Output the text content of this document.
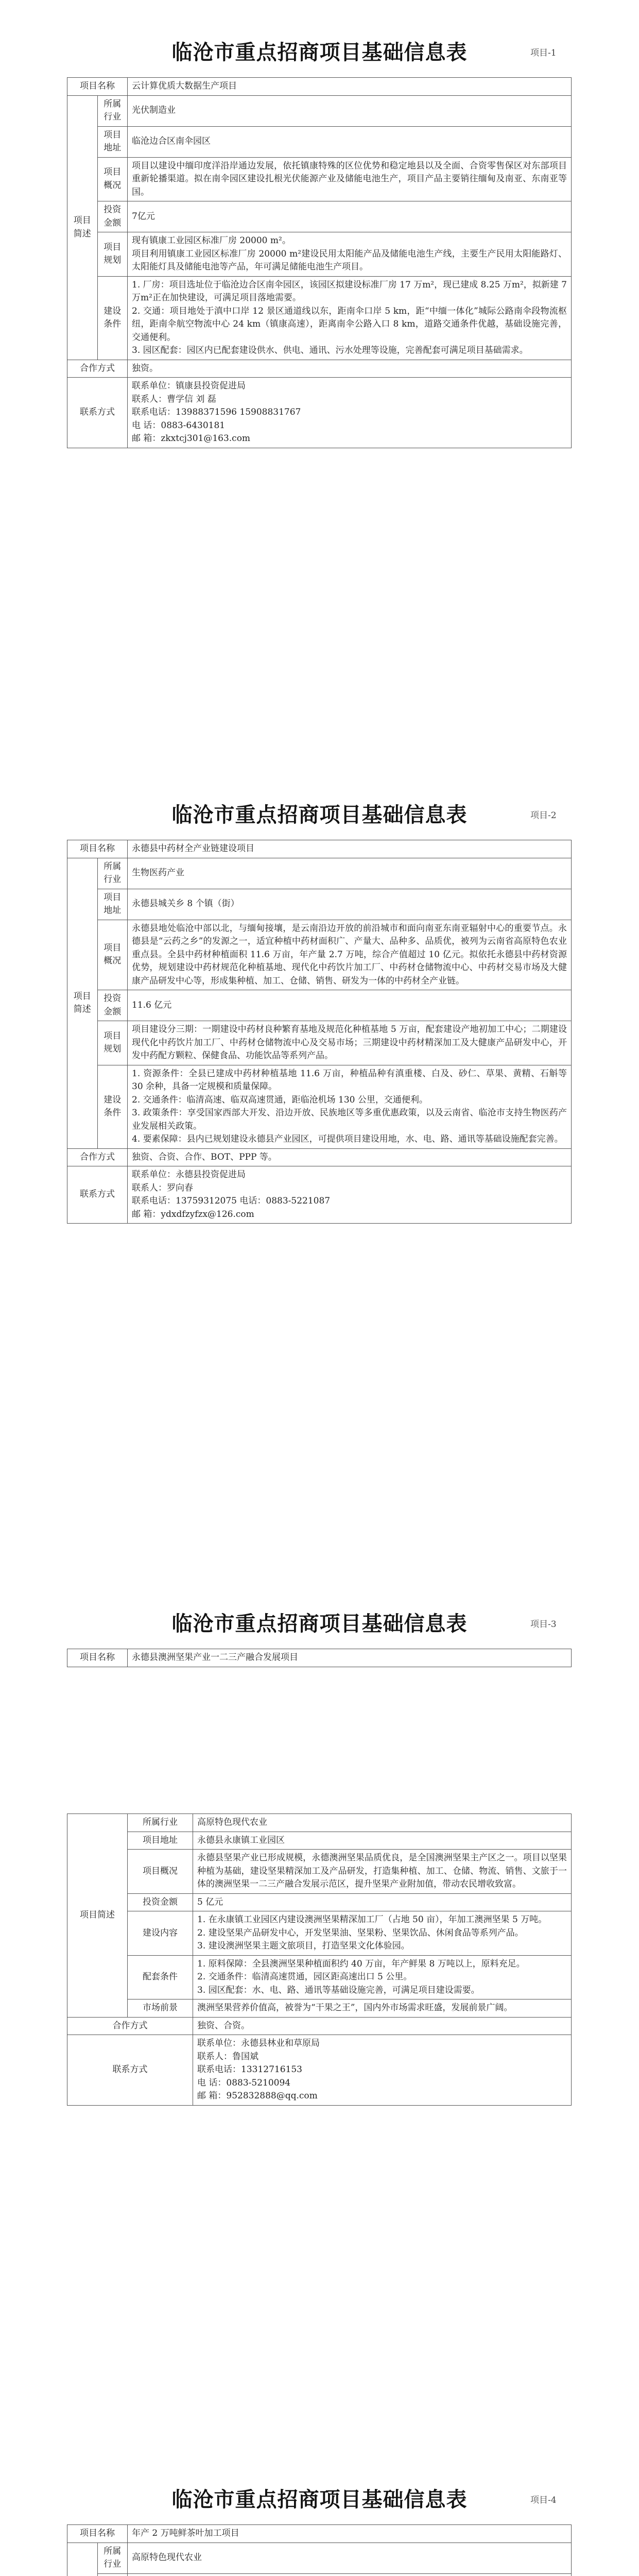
临沧市重点招商项目基础信息表	项目-1
项目名称		云计算优质大数据生产项目
项目简述	所属行业	光伏制造业
	项目地址	临沧边合区南伞园区
	项目概况	项目以建设中缅印度洋沿岸通边发展，依托镇康特殊的区位优势和稳定地县以及全面、合资零售保区对东部项目重新轮播渠道。拟在南伞园区建设扎根光伏能源产业及储能电池生产，项目产品主要销往缅甸及南亚、东南亚等国。
	投资金额	7亿元
	项目规划	现有镇康工业园区标准厂房 20000 m²。
项目利用镇康工业园区标准厂房 20000 m²建设民用太阳能产品及储能电池生产线，主要生产民用太阳能路灯、太阳能灯具及储能电池等产品，年可满足储能电池生产项目。
	建设条件	1. 厂房：项目选址位于临沧边合区南伞园区，该园区拟建设标准厂房 17 万m²，现已建成 8.25 万m²，拟新建 7 万m²正在加快建设，可满足项目落地需要。
2. 交通：项目地处于滇中口岸 12 景区通道线以东，距南伞口岸 5 km，距“中缅一体化”城际公路南伞段物流枢纽，距南伞航空物流中心 24 km（镇康高速），距离南伞公路入口 8 km，道路交通条件优越，基础设施完善，交通便利。
3. 园区配套：园区内已配套建设供水、供电、通讯、污水处理等设施，完善配套可满足项目基础需求。
合作方式		独资。
联系方式		联系单位：镇康县投资促进局
联系人：曹学信 刘 磊
联系电话：13988371596 15908831767
电 话：0883-6430181
邮 箱：zkxtcj301@163.com
临沧市重点招商项目基础信息表	项目-2
项目名称		永德县中药材全产业链建设项目
项目简述	所属行业	生物医药产业
	项目地址	永德县城关乡 8 个镇（街）
	项目概况	永德县地处临沧中部以北，与缅甸接壤，是云南沿边开放的前沿城市和面向南亚东南亚辐射中心的重要节点。永德县是“云药之乡”的发源之一，适宜种植中药材面积广、产量大、品种多、品质优，被列为云南省高原特色农业重点县。全县中药材种植面积 11.6 万亩，年产量 2.7 万吨，综合产值超过 10 亿元。拟依托永德县中药材资源优势，规划建设中药材规范化种植基地、现代化中药饮片加工厂、中药材仓储物流中心、中药材交易市场及大健康产品研发中心等，形成集种植、加工、仓储、销售、研发为一体的中药材全产业链。
	投资金额	11.6 亿元
	项目规划	项目建设分三期：一期建设中药材良种繁育基地及规范化种植基地 5 万亩，配套建设产地初加工中心；二期建设现代化中药饮片加工厂、中药材仓储物流中心及交易市场；三期建设中药材精深加工及大健康产品研发中心，开发中药配方颗粒、保健食品、功能饮品等系列产品。
	建设条件	1. 资源条件：全县已建成中药材种植基地 11.6 万亩，种植品种有滇重楼、白及、砂仁、草果、黄精、石斛等 30 余种，具备一定规模和质量保障。
2. 交通条件：临清高速、临双高速贯通，距临沧机场 130 公里，交通便利。
3. 政策条件：享受国家西部大开发、沿边开放、民族地区等多重优惠政策，以及云南省、临沧市支持生物医药产业发展相关政策。
4. 要素保障：县内已规划建设永德县产业园区，可提供项目建设用地，水、电、路、通讯等基础设施配套完善。
合作方式		独资、合资、合作、BOT、PPP 等。
联系方式		联系单位：永德县投资促进局
联系人：罗向春
联系电话：13759312075 电话：0883-5221087
邮 箱：ydxdfzyfzx@126.com
临沧市重点招商项目基础信息表	项目-3
项目名称	永德县澳洲坚果产业一二三产融合发展项目
项目简述	所属行业	高原特色现代农业
	项目地址	永德县永康镇工业园区
	项目概况	永德县坚果产业已形成规模，永德澳洲坚果品质优良，是全国澳洲坚果主产区之一。项目以坚果种植为基础，建设坚果精深加工及产品研发，打造集种植、加工、仓储、物流、销售、文旅于一体的澳洲坚果一二三产融合发展示范区，提升坚果产业附加值，带动农民增收致富。
	投资金额	5 亿元
	建设内容	1. 在永康镇工业园区内建设澳洲坚果精深加工厂（占地 50 亩），年加工澳洲坚果 5 万吨。
2. 建设坚果产品研发中心，开发坚果油、坚果粉、坚果饮品、休闲食品等系列产品。
3. 建设澳洲坚果主题文旅项目，打造坚果文化体验园。
	配套条件	1. 原料保障：全县澳洲坚果种植面积约 40 万亩，年产鲜果 8 万吨以上，原料充足。
2. 交通条件：临清高速贯通，园区距高速出口 5 公里。
3. 园区配套：水、电、路、通讯等基础设施完善，可满足项目建设需要。
	市场前景	澳洲坚果营养价值高，被誉为“干果之王”，国内外市场需求旺盛，发展前景广阔。
合作方式		独资、合资。
联系方式		联系单位：永德县林业和草原局
联系人：鲁国斌
联系电话：13312716153
电 话：0883-5210094
邮 箱：952832888@qq.com
临沧市重点招商项目基础信息表	项目-4
项目名称		年产 2 万吨鲜茶叶加工项目
	所属行业	高原特色现代农业
